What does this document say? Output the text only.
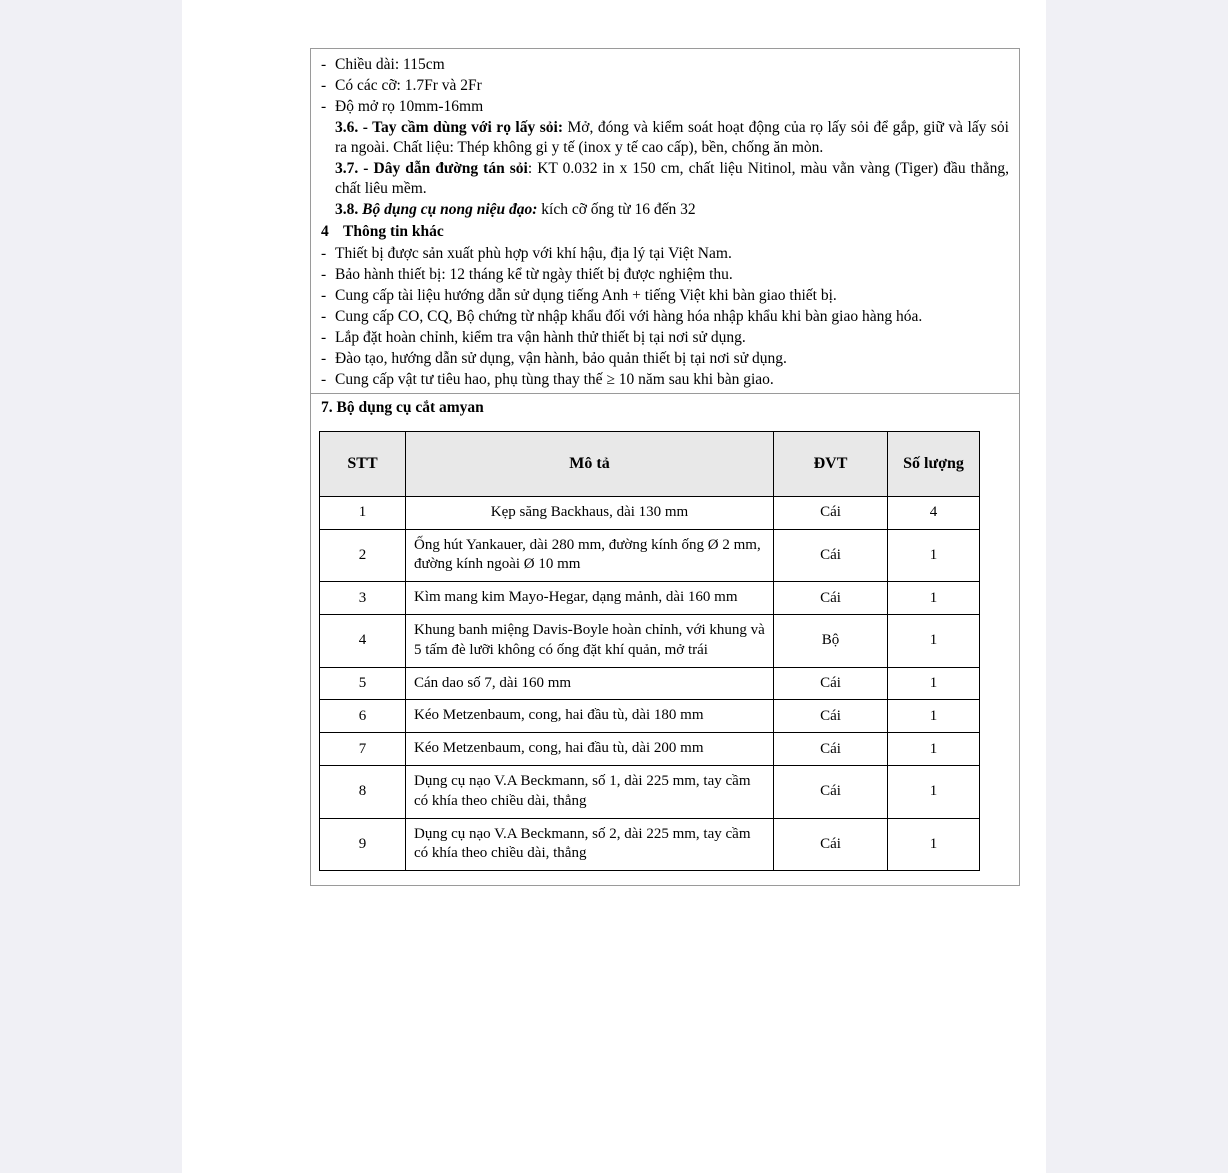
- Chiều dài: 115cm
- Có các cỡ: 1.7Fr và 2Fr
- Độ mở rọ 10mm-16mm

3.6. - Tay cầm dùng với rọ lấy sỏi: Mở, đóng và kiểm soát hoạt động của rọ lấy sỏi để gắp, giữ và lấy sỏi ra ngoài. Chất liệu: Thép không gi y tế (inox y tế cao cấp), bền, chống ăn mòn.

3.7. - Dây dẫn đường tán sỏi: KT 0.032 in x 150 cm, chất liệu Nitinol, màu vằn vàng (Tiger) đầu thẳng, chất liêu mềm.

3.8. Bộ dụng cụ nong niệu đạo: kích cỡ ống từ 16 đến 32

4 Thông tin khác
- Thiết bị được sản xuất phù hợp với khí hậu, địa lý tại Việt Nam.
- Bảo hành thiết bị: 12 tháng kể từ ngày thiết bị được nghiệm thu.
- Cung cấp tài liệu hướng dẫn sử dụng tiếng Anh + tiếng Việt khi bàn giao thiết bị.
- Cung cấp CO, CQ, Bộ chứng từ nhập khẩu đối với hàng hóa nhập khẩu khi bàn giao hàng hóa.
- Lắp đặt hoàn chỉnh, kiểm tra vận hành thử thiết bị tại nơi sử dụng.
- Đào tạo, hướng dẫn sử dụng, vận hành, bảo quản thiết bị tại nơi sử dụng.
- Cung cấp vật tư tiêu hao, phụ tùng thay thế ≥ 10 năm sau khi bàn giao.
7. Bộ dụng cụ cắt amyan
STT	Mô tả	ĐVT	Số lượng
1	Kẹp săng Backhaus, dài 130 mm	Cái	4
2	Ống hút Yankauer, dài 280 mm, đường kính ống Ø 2 mm, đường kính ngoài Ø 10 mm	Cái	1
3	Kìm mang kim Mayo-Hegar, dạng mảnh, dài 160 mm	Cái	1
4	Khung banh miệng Davis-Boyle hoàn chỉnh, với khung và 5 tấm đè lưỡi không có ống đặt khí quản, mở trái	Bộ	1
5	Cán dao số 7, dài 160 mm	Cái	1
6	Kéo Metzenbaum, cong, hai đầu tù, dài 180 mm	Cái	1
7	Kéo Metzenbaum, cong, hai đầu tù, dài 200 mm	Cái	1
8	Dụng cụ nạo V.A Beckmann, số 1, dài 225 mm, tay cầm có khía theo chiều dài, thẳng	Cái	1
9	Dụng cụ nạo V.A Beckmann, số 2, dài 225 mm, tay cầm có khía theo chiều dài, thẳng	Cái	1
